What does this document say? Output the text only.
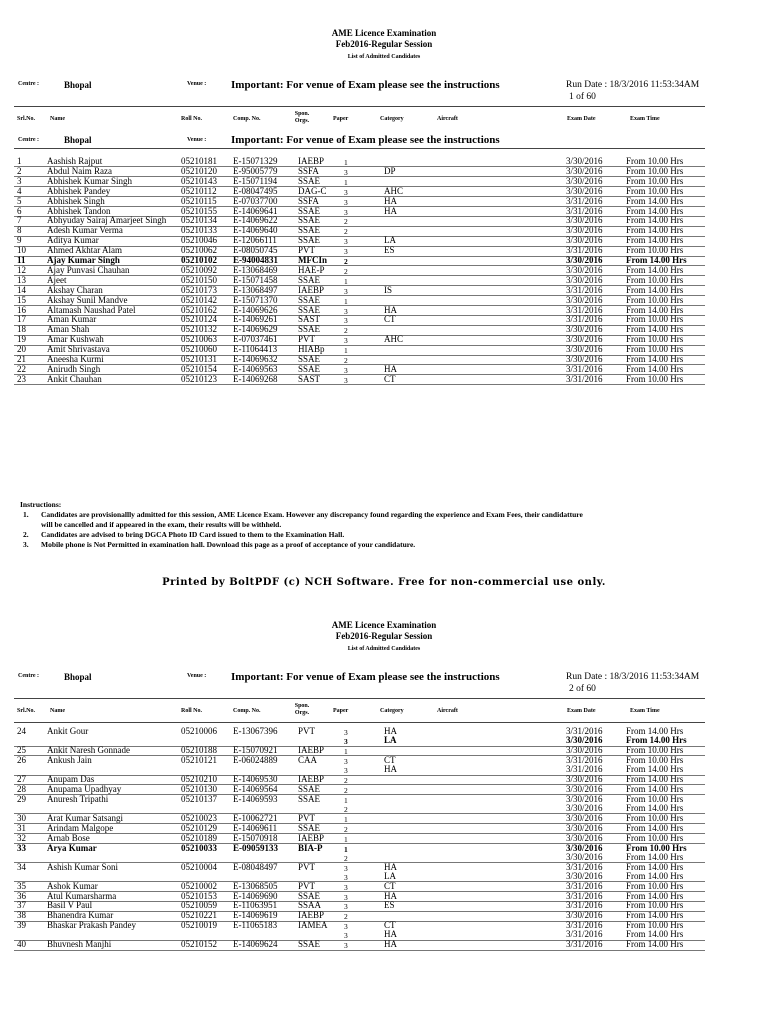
AME Licence Examination
Feb2016-Regular Session
List of Admitted Candidates
Centre :	Bhopal	Venue : Important: For venue of Exam please see the instructions	Run Date : 18/3/2016 11:53:34AM
1 of 60
Srl.No.	Name	Roll No.	Comp. No.
Spon. Orgs.	Paper	Category	Aircraft	Exam Date	Exam Time
Centre :	Bhopal	Venue : Important: For venue of Exam please see the instructions
1	Aashish Rajput	05210181 E-15071329 IAEBP	1	3/30/2016	From 10.00 Hrs
2	Abdul Naim Raza	05210120 E-95005779 SSFA	3	DP	3/30/2016	From 10.00 Hrs
3	Abhishek Kumar Singh	05210143 E-15071194 SSAE	1	3/30/2016	From 10.00 Hrs
4	Abhishek Pandey	05210112 E-08047495 DAG-C 3	AHC	3/30/2016	From 10.00 Hrs
5	Abhishek Singh	05210115 E-07037700 SSFA	3	HA	3/31/2016	From 14.00 Hrs
6	Abhishek Tandon	05210155 E-14069641 SSAE	3	HA	3/31/2016	From 14.00 Hrs
7	Abhyuday Sairaj Amarjeet Singh 05210134 E-14069622 SSAE	2	3/30/2016	From 14.00 Hrs
8	Adesh Kumar Verma	05210133 E-14069640 SSAE	2	3/30/2016	From 14.00 Hrs
9	Aditya Kumar	05210046 E-12066111 SSAE	3	LA	3/30/2016	From 14.00 Hrs
10 Ahmed Akhtar Alam	05210062 E-08050745 PVT	3	ES	3/31/2016	From 10.00 Hrs
11 Ajay Kumar Singh	05210102 E-94004831 MFCIn 2	3/30/2016	From 14.00 Hrs
12 Ajay Punvasi Chauhan	05210092 E-13068469 HAE-P	2	3/30/2016	From 14.00 Hrs
13 Ajeet	05210150 E-15071458 SSAE	1	3/30/2016	From 10.00 Hrs
14 Akshay Charan	05210173 E-13068497 IAEBP	3	IS	3/31/2016	From 14.00 Hrs
15 Akshay Sunil Mandve	05210142 E-15071370 SSAE	1	3/30/2016	From 10.00 Hrs
16 Altamash Naushad Patel	05210162 E-14069626 SSAE	3	HA	3/31/2016	From 14.00 Hrs
17 Aman Kumar	05210124 E-14069261 SAST	3	CT	3/31/2016	From 10.00 Hrs
18 Aman Shah	05210132 E-14069629 SSAE	2	3/30/2016	From 14.00 Hrs
19 Amar Kushwah	05210063 E-07037461 PVT	3	AHC	3/30/2016	From 10.00 Hrs
20 Amit Shrivastava	05210060 E-11064413 HIABp	1	3/30/2016	From 10.00 Hrs
21 Aneesha Kurmi	05210131 E-14069632 SSAE	2	3/30/2016	From 14.00 Hrs
22 Anirudh Singh	05210154 E-14069563 SSAE	3	HA	3/31/2016	From 14.00 Hrs
23 Ankit Chauhan	05210123 E-14069268 SAST	3	CT	3/31/2016	From 10.00 Hrs
Instructions:
1. Candidates are provisionallly admitted for this session, AME Licence Exam. However any discrepancy found regarding the experience and Exam Fees, their candidatture
will be cancelled and if appeared in the exam, their results will be withheld.
2. Candidates are advised to bring DGCA Photo ID Card issued to them to the Examination Hall.
3. Mobile phone is Not Permitted in examination hall. Download this page as a proof of acceptance of your candidature.
Printed by BoltPDF (c) NCH Software. Free for non-commercial use only.
AME Licence Examination
Feb2016-Regular Session
List of Admitted Candidates
Centre :	Bhopal	Venue : Important: For venue of Exam please see the instructions	Run Date : 18/3/2016 11:53:34AM
2 of 60
Srl.No.	Name	Roll No.	Comp. No.
Spon. Orgs.	Paper	Category	Aircraft	Exam Date	Exam Time
24 Ankit Gour	05210006 E-13067396 PVT	3	HA	3/31/2016	From 14.00 Hrs
3	LA	3/30/2016	From 14.00 Hrs
25 Ankit Naresh Gonnade	05210188 E-15070921 IAEBP	1	3/30/2016	From 10.00 Hrs
26 Ankush Jain	05210121 E-06024889 CAA	3	CT	3/31/2016	From 10.00 Hrs
3	HA	3/31/2016	From 14.00 Hrs
27 Anupam Das	05210210 E-14069530 IAEBP	2	3/30/2016	From 14.00 Hrs
28 Anupama Upadhyay	05210130 E-14069564 SSAE	2	3/30/2016	From 14.00 Hrs
29 Anuresh Tripathi	05210137 E-14069593 SSAE	1	3/30/2016	From 10.00 Hrs
2	3/30/2016	From 14.00 Hrs
30 Arat Kumar Satsangi	05210023 E-10062721 PVT	1	3/30/2016	From 10.00 Hrs
31 Arindam Malgope	05210129 E-14069611 SSAE	2	3/30/2016	From 14.00 Hrs
32 Arnab Bose	05210189 E-15070918 IAEBP	1	3/30/2016	From 10.00 Hrs
33 Arya Kumar	05210033 E-09059133 BIA-P	1	3/30/2016	From 10.00 Hrs
2	3/30/2016	From 14.00 Hrs
34 Ashish Kumar Soni	05210004 E-08048497 PVT	3	HA	3/31/2016	From 14.00 Hrs
3	LA	3/30/2016	From 14.00 Hrs
35 Ashok Kumar	05210002 E-13068505 PVT	3	CT	3/31/2016	From 10.00 Hrs
36 Atul Kumarsharma	05210153 E-14069690 SSAE	3	HA	3/31/2016	From 14.00 Hrs
37 Basil V Paul	05210059 E-11063951 SSAA	3	ES	3/31/2016	From 10.00 Hrs
38 Bhanendra Kumar	05210221 E-14069619 IAEBP	2	3/30/2016	From 14.00 Hrs
39 Bhaskar Prakash Pandey	05210019 E-11065183 IAMEA 3	CT	3/31/2016	From 10.00 Hrs
3	HA	3/31/2016	From 14.00 Hrs
40 Bhuvnesh Manjhi	05210152 E-14069624 SSAE	3	HA	3/31/2016	From 14.00 Hrs
